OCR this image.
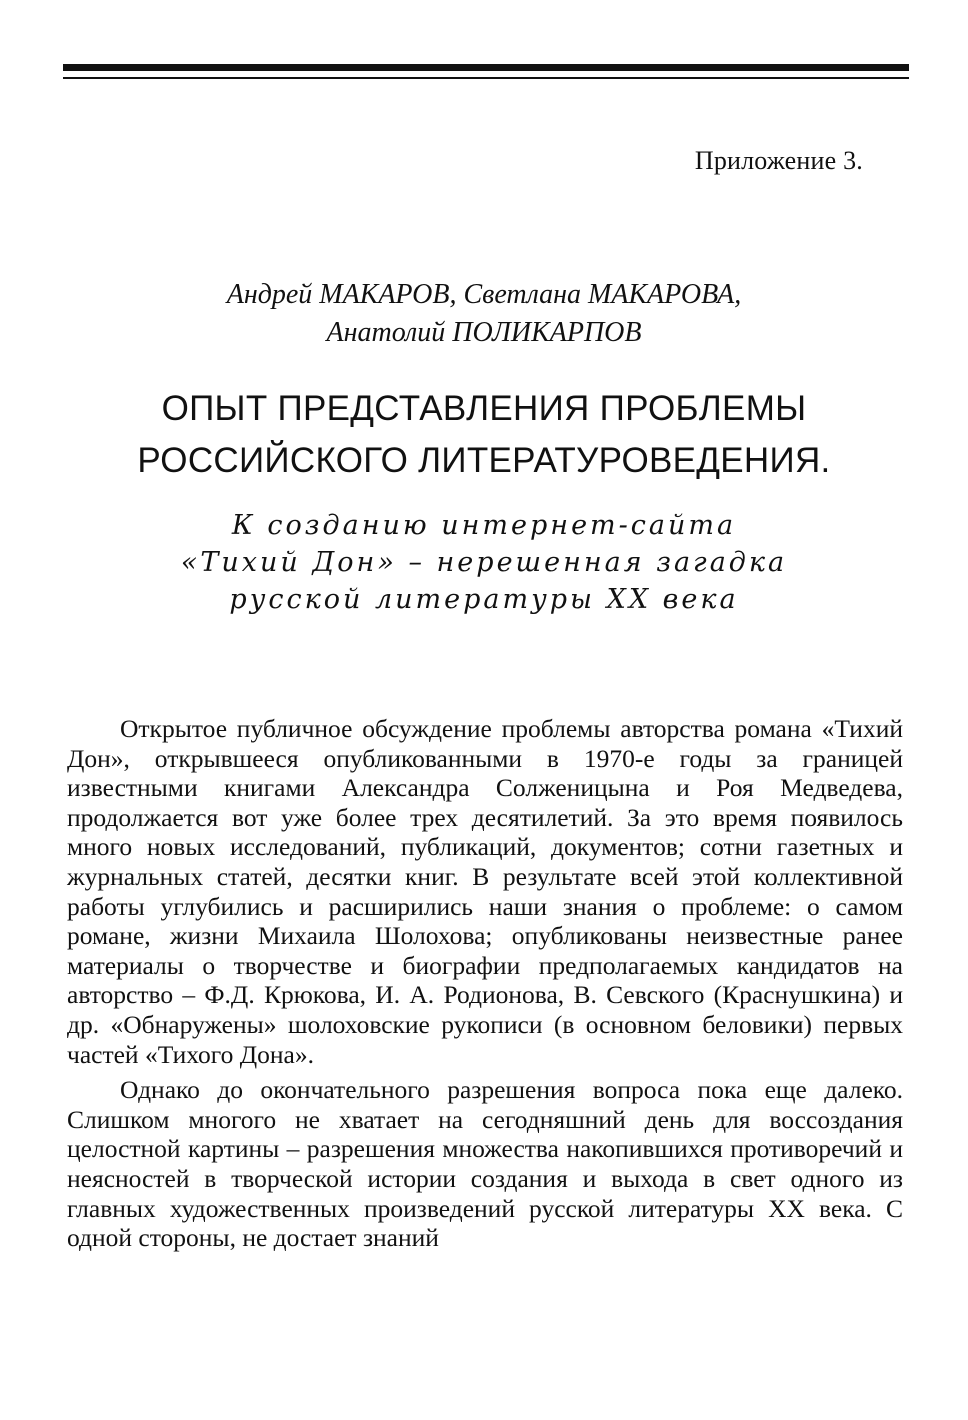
Приложение 3.
Андрей МАКАРОВ, Светлана МАКАРОВА,
Анатолий ПОЛИКАРПОВ
ОПЫТ ПРЕДСТАВЛЕНИЯ ПРОБЛЕМЫ
РОССИЙСКОГО ЛИТЕРАТУРОВЕДЕНИЯ.
К созданию интернет-сайта
«Тихий Дон» – нерешенная загадка
русской литературы ХХ века

Открытое публичное обсуждение проблемы авторства романа «Тихий Дон», открывшееся опубликованными в 1970-е годы за границей известными книгами Александра Солженицына и Роя Медведева, продолжается вот уже более трех десятилетий. За это время появилось много новых исследований, публикаций, документов; сотни газетных и журнальных статей, десятки книг. В результате всей этой коллективной работы углубились и расширились наши знания о проблеме: о самом романе, жизни Михаила Шолохова; опубликованы неизвестные ранее материалы о творчестве и биографии предполагаемых кандидатов на авторство – Ф.Д. Крюкова, И. А. Родионова, В. Севского (Краснушкина) и др. «Обнаружены» шолоховские рукописи (в основном беловики) первых частей «Тихого Дона».

Однако до окончательного разрешения вопроса пока еще далеко. Слишком многого не хватает на сегодняшний день для воссоздания целостной картины – разрешения множества накопившихся противоречий и неясностей в творческой истории создания и выхода в свет одного из главных художественных произведений русской литературы ХХ века. С одной стороны, не достает знаний
